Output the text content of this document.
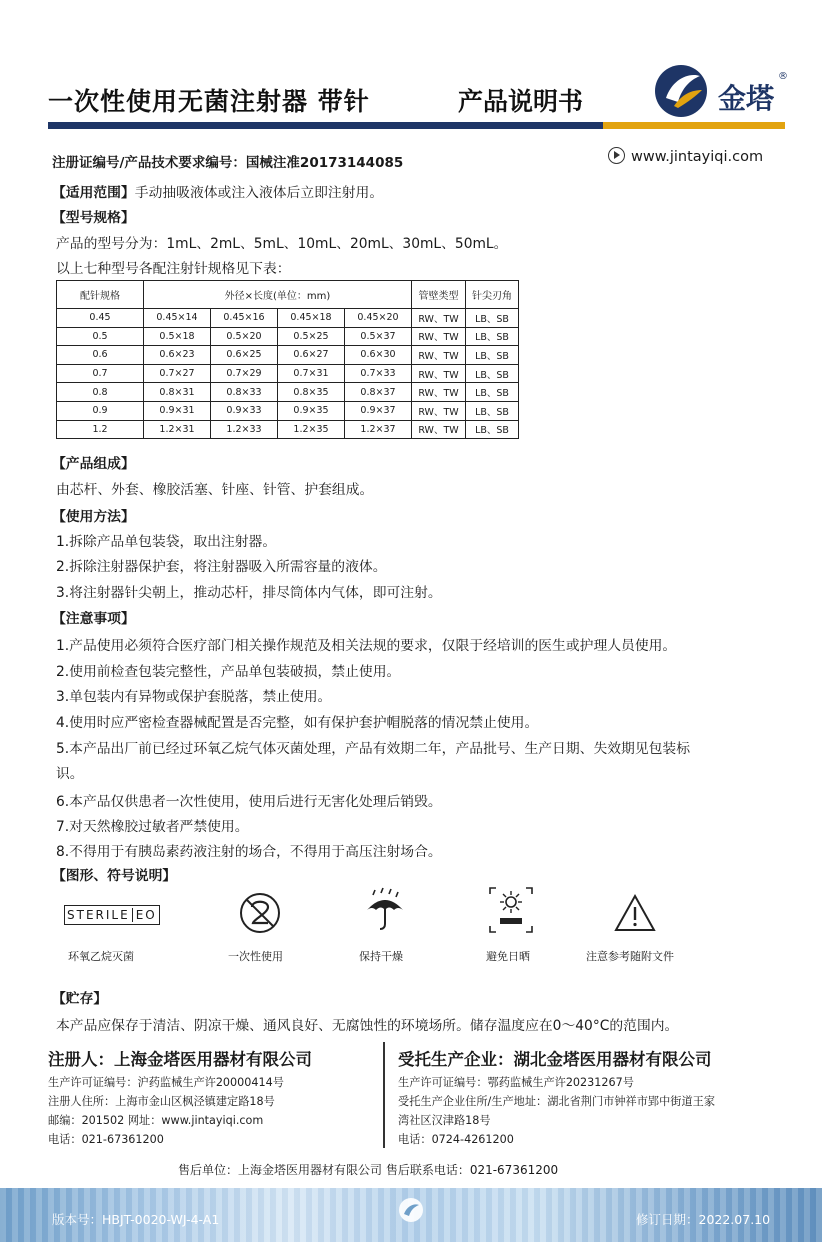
一次性使用无菌注射器 带针	产品说明书	金塔
®
注册证编号/产品技术要求编号：国械注准20173144085	www.jintayiqi.com
【适用范围】手动抽吸液体或注入液体后立即注射用。
【型号规格】
产品的型号分为：1mL、2mL、5mL、10mL、20mL、30mL、50mL。
以上七种型号各配注射针规格见下表：
配针规格	外径×长度(单位：mm)				管壁类型	针尖刃角
0.45	0.45×14	0.45×16	0.45×18	0.45×20	RW、TW	LB、SB
0.5	0.5×18	0.5×20	0.5×25	0.5×37	RW、TW	LB、SB
0.6	0.6×23	0.6×25	0.6×27	0.6×30	RW、TW	LB、SB
0.7	0.7×27	0.7×29	0.7×31	0.7×33	RW、TW	LB、SB
0.8	0.8×31	0.8×33	0.8×35	0.8×37	RW、TW	LB、SB
0.9	0.9×31	0.9×33	0.9×35	0.9×37	RW、TW	LB、SB
1.2	1.2×31	1.2×33	1.2×35	1.2×37	RW、TW	LB、SB
【产品组成】
由芯杆、外套、橡胶活塞、针座、针管、护套组成。
【使用方法】
1.拆除产品单包装袋，取出注射器。
2.拆除注射器保护套，将注射器吸入所需容量的液体。
3.将注射器针尖朝上，推动芯杆，排尽筒体内气体，即可注射。
【注意事项】
1.产品使用必须符合医疗部门相关操作规范及相关法规的要求，仅限于经培训的医生或护理人员使用。
2.使用前检查包装完整性，产品单包装破损，禁止使用。
3.单包装内有异物或保护套脱落，禁止使用。
4.使用时应严密检查器械配置是否完整，如有保护套护帽脱落的情况禁止使用。
5.本产品出厂前已经过环氧乙烷气体灭菌处理，产品有效期二年，产品批号、生产日期、失效期见包装标
识。
6.本产品仅供患者一次性使用，使用后进行无害化处理后销毁。
7.对天然橡胶过敏者严禁使用。
8.不得用于有胰岛素药液注射的场合，不得用于高压注射场合。
【图形、符号说明】
STERILE EO
环氧乙烷灭菌	一次性使用	保持干燥	避免日晒	注意参考随附文件
【贮存】
本产品应保存于清洁、阴凉干燥、通风良好、无腐蚀性的环境场所。储存温度应在0～40°C的范围内。
注册人：上海金塔医用器材有限公司	受托生产企业：湖北金塔医用器材有限公司
生产许可证编号：沪药监械生产许20000414号
注册人住所：上海市金山区枫泾镇建定路18号
邮编：201502 网址：www.jintayiqi.com
电话：021-67361200
生产许可证编号：鄂药监械生产许20231267号
受托生产企业住所/生产地址：湖北省荆门市钟祥市郢中街道王家
湾社区汉津路18号
电话：0724-4261200
售后单位：上海金塔医用器材有限公司 售后联系电话：021-67361200
版本号：HBJT-0020-WJ-4-A1	修订日期：2022.07.10
